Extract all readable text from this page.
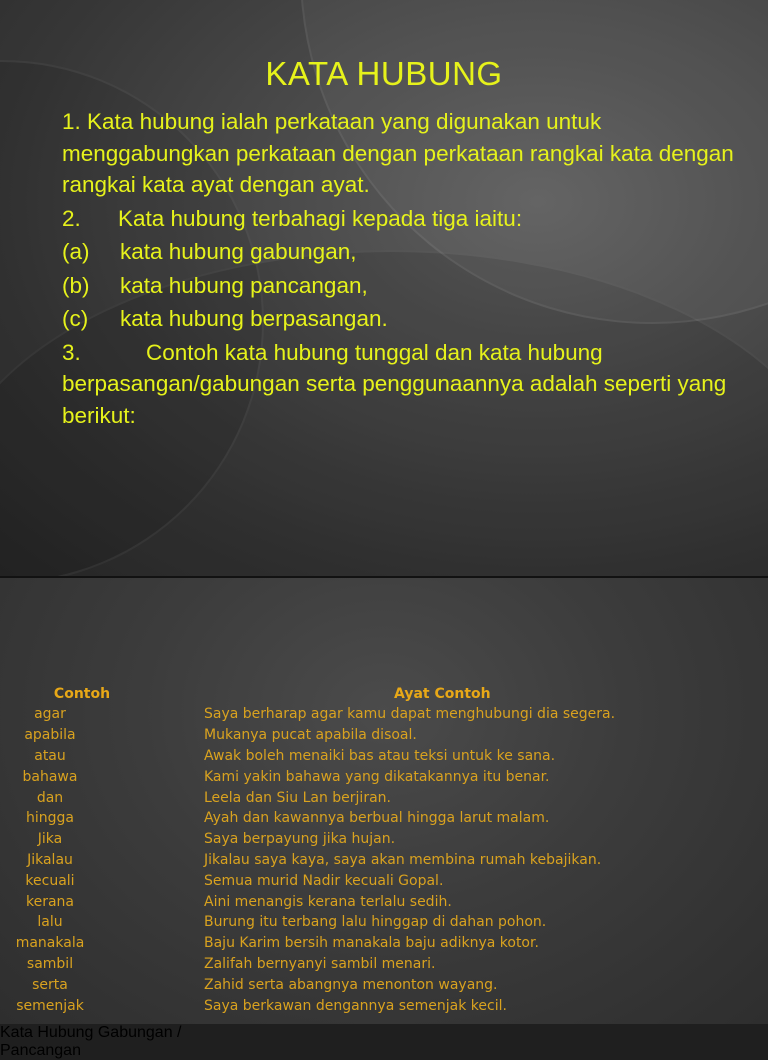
KATA HUBUNG

1. Kata hubung ialah perkataan yang digunakan untuk menggabungkan perkataan dengan perkataan rangkai kata dengan rangkai kata ayat dengan ayat.

2. Kata hubung terbahagi kepada tiga iaitu:

(a) kata hubung gabungan,

(b) kata hubung pancangan,

(c) kata hubung berpasangan.

3.	Contoh kata hubung tunggal dan kata hubung berpasangan/gabungan serta penggunaannya adalah seperti yang berikut:

Kata Hubung Gabungan /
Pancangan
Contoh	Ayat Contoh
agar	Saya berharap agar kamu dapat menghubungi dia segera.
apabila	Mukanya pucat apabila disoal.
atau	Awak boleh menaiki bas atau teksi untuk ke sana.
bahawa	Kami yakin bahawa yang dikatakannya itu benar.
dan	Leela dan Siu Lan berjiran.
hingga	Ayah dan kawannya berbual hingga larut malam.
Jika	Saya berpayung jika hujan.
Jikalau	Jikalau saya kaya, saya akan membina rumah kebajikan.
kecuali	Semua murid Nadir kecuali Gopal.
kerana	Aini menangis kerana terlalu sedih.
lalu	Burung itu terbang lalu hinggap di dahan pohon.
manakala	Baju Karim bersih manakala baju adiknya kotor.
sambil	Zalifah bernyanyi sambil menari.
serta	Zahid serta abangnya menonton wayang.
semenjak	Saya berkawan dengannya semenjak kecil.
